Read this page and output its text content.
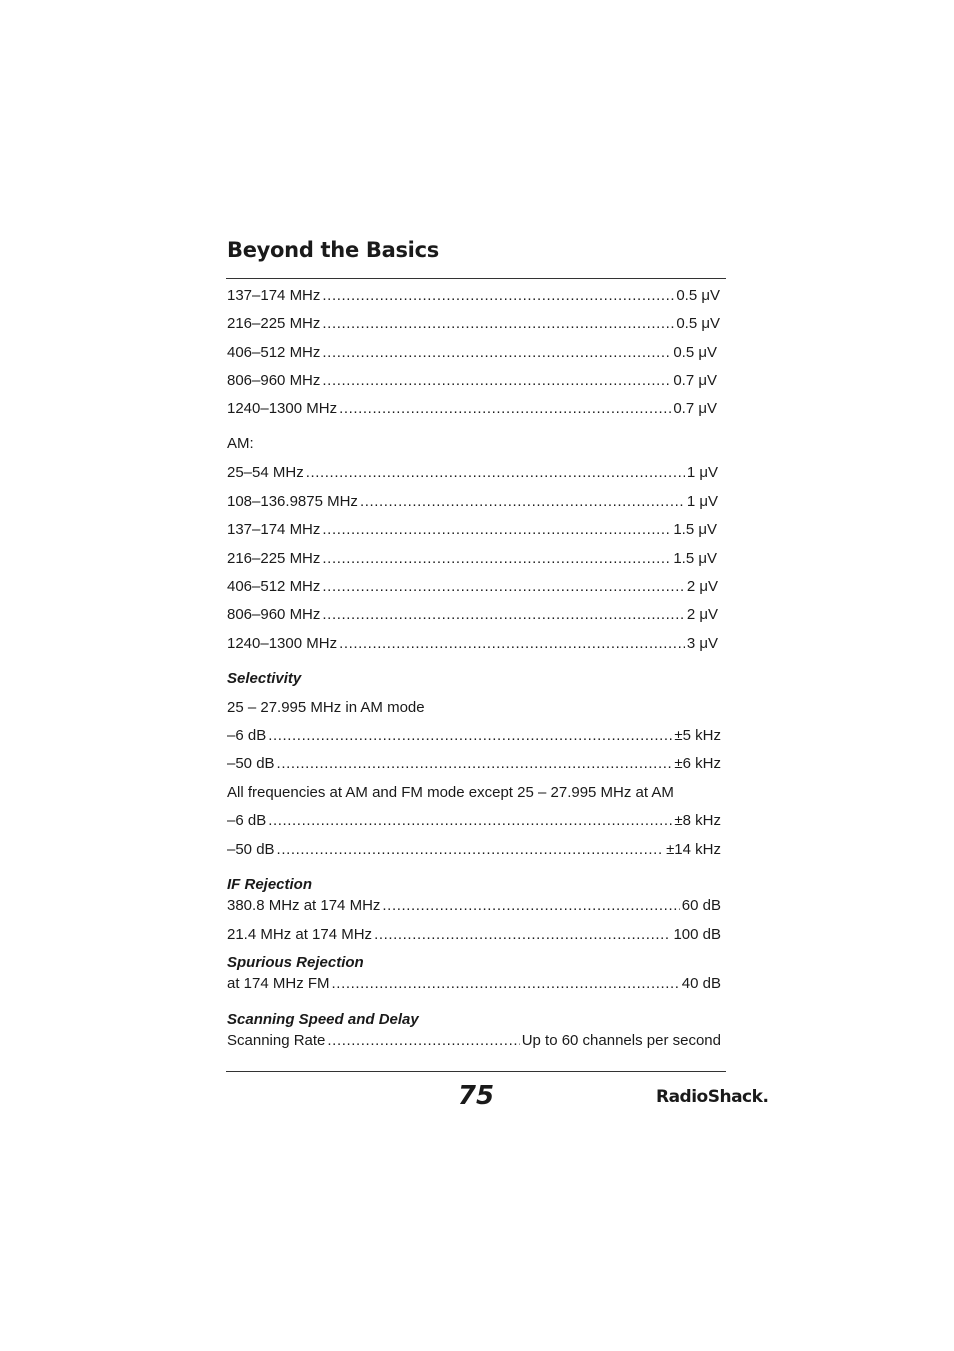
Beyond the Basics
137–174 MHz .....	0.5 μV
216–225 MHz .....	0.5 μV
406–512 MHz .....	0.5 μV
806–960 MHz .....	0.7 μV
1240–1300 MHz .....	0.7 μV
AM:
25–54 MHz .....	1 μV
108–136.9875 MHz .....	1 μV
137–174 MHz .....	1.5 μV
216–225 MHz .....	1.5 μV
406–512 MHz .....	2 μV
806–960 MHz .....	2 μV
1240–1300 MHz .....	3 μV
Selectivity
25 – 27.995 MHz in AM mode
–6 dB .....	±5 kHz
–50 dB .....	±6 kHz
All frequencies at AM and FM mode except 25 – 27.995 MHz at AM
–6 dB .....	±8 kHz
–50 dB .....	±14 kHz
IF Rejection
380.8 MHz at 174 MHz .....	60 dB
21.4 MHz at 174 MHz .....	100 dB
Spurious Rejection
at 174 MHz FM .....	40 dB
Scanning Speed and Delay
Scanning Rate .....	Up to 60 channels per second
75	RadioShack.
